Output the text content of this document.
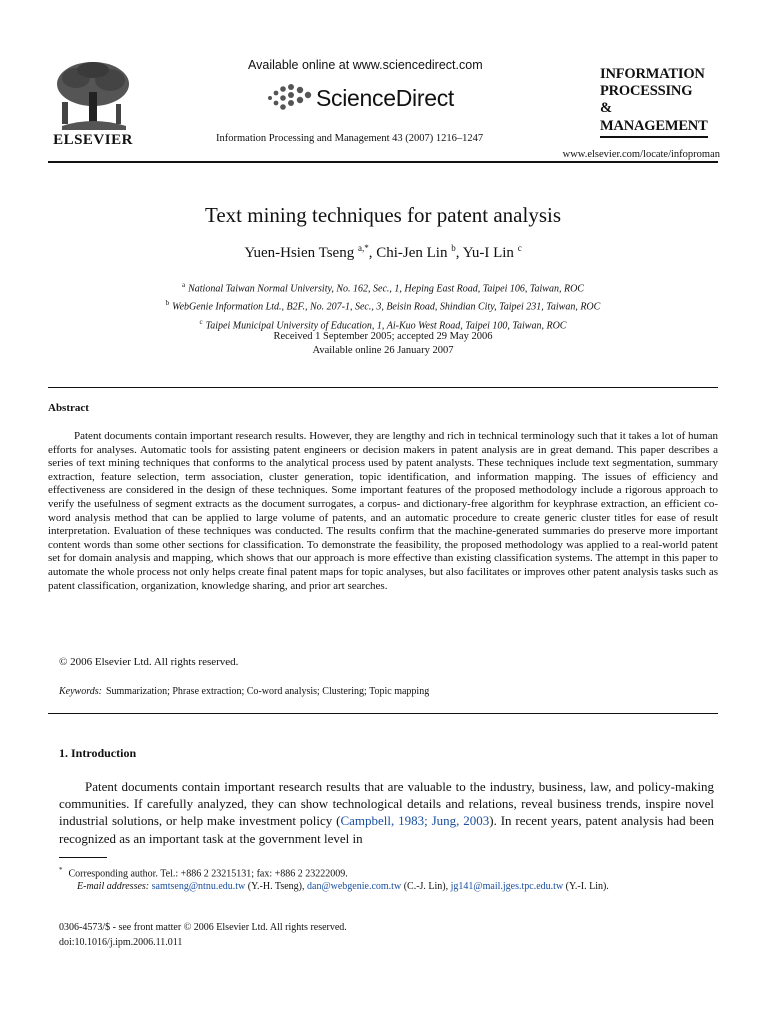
ELSEVIER
Available online at www.sciencedirect.com
ScienceDirect
Information Processing and Management 43 (2007) 1216–1247
INFORMATION
PROCESSING
&
MANAGEMENT
www.elsevier.com/locate/infoproman
Text mining techniques for patent analysis
Yuen-Hsien Tseng $^{a,*}$, Chi-Jen Lin $^b$, Yu-I Lin $^c$
$^a$ National Taiwan Normal University, No. 162, Sec., 1, Heping East Road, Taipei 106, Taiwan, ROC
$^b$ WebGenie Information Ltd., B2F., No. 207-1, Sec., 3, Beisin Road, Shindian City, Taipei 231, Taiwan, ROC
$^c$ Taipei Municipal University of Education, 1, Ai-Kuo West Road, Taipei 100, Taiwan, ROC
Received 1 September 2005; accepted 29 May 2006
Available online 26 January 2007
Abstract
Patent documents contain important research results. However, they are lengthy and rich in technical terminology such that it takes a lot of human efforts for analyses. Automatic tools for assisting patent engineers or decision makers in patent analysis are in great demand. This paper describes a series of text mining techniques that conforms to the analytical process used by patent analysts. These techniques include text segmentation, summary extraction, feature selection, term association, cluster generation, topic identification, and information mapping. The issues of efficiency and effectiveness are considered in the design of these techniques. Some important features of the proposed methodology include a rigorous approach to verify the usefulness of segment extracts as the document surrogates, a corpus- and dictionary-free algorithm for keyphrase extraction, an efficient co-word analysis method that can be applied to large volume of patents, and an automatic procedure to create generic cluster titles for ease of result interpretation. Evaluation of these techniques was conducted. The results confirm that the machine-generated summaries do preserve more important content words than some other sections for classification. To demonstrate the feasibility, the proposed methodology was applied to a real-world patent set for domain analysis and mapping, which shows that our approach is more effective than existing classification systems. The attempt in this paper to automate the whole process not only helps create final patent maps for topic analyses, but also facilitates or improves other patent analysis tasks such as patent classification, organization, knowledge sharing, and prior art searches.
© 2006 Elsevier Ltd. All rights reserved.
Keywords: Summarization; Phrase extraction; Co-word analysis; Clustering; Topic mapping
1. Introduction
Patent documents contain important research results that are valuable to the industry, business, law, and policy-making communities. If carefully analyzed, they can show technological details and relations, reveal business trends, inspire novel industrial solutions, or help make investment policy (Campbell, 1983; Jung, 2003). In recent years, patent analysis had been recognized as an important task at the government level in
* Corresponding author. Tel.: +886 2 23215131; fax: +886 2 23222009.
E-mail addresses: samtseng@ntnu.edu.tw (Y.-H. Tseng), dan@webgenie.com.tw (C.-J. Lin), jg141@mail.jges.tpc.edu.tw (Y.-I. Lin).
0306-4573/$ - see front matter © 2006 Elsevier Ltd. All rights reserved.
doi:10.1016/j.ipm.2006.11.011
